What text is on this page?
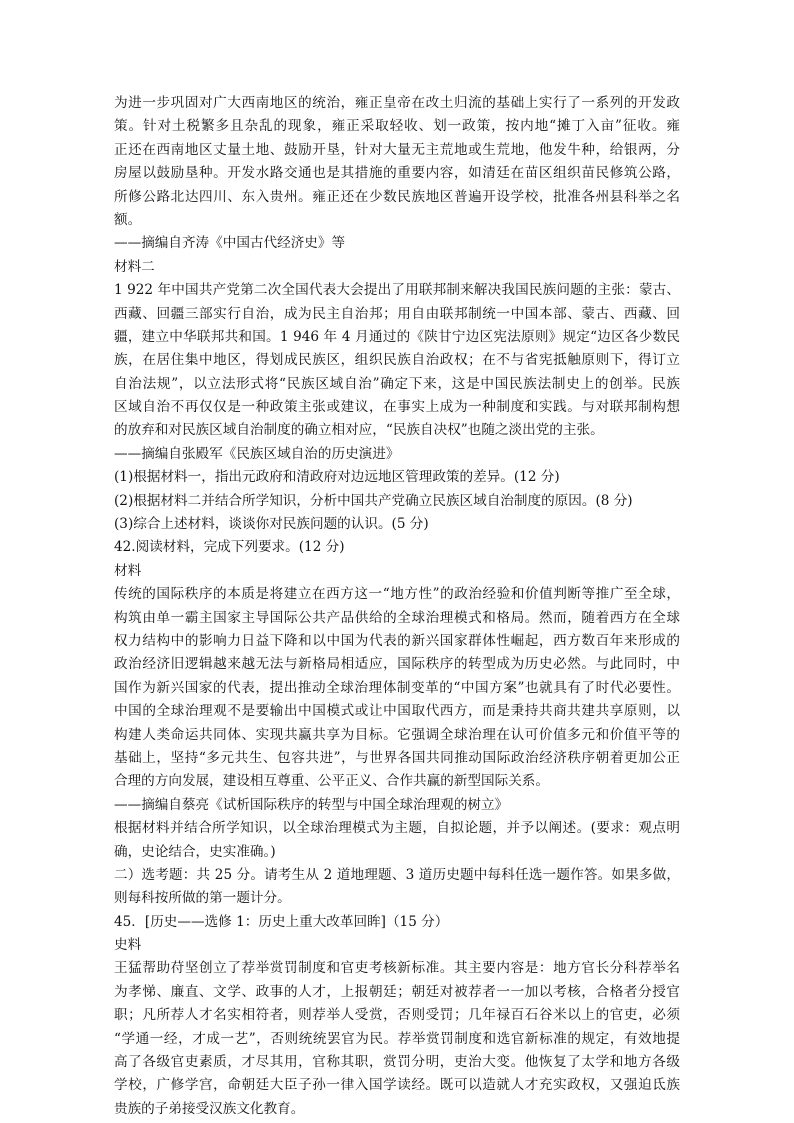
为进一步巩固对广大西南地区的统治，雍正皇帝在改土归流的基础上实行了一系列的开发政
策。针对土税繁多且杂乱的现象，雍正采取轻收、划一政策，按内地“摊丁入亩”征收。雍
正还在西南地区丈量土地、鼓励开垦，针对大量无主荒地或生荒地，他发牛种，给银两，分
房屋以鼓励垦种。开发水路交通也是其措施的重要内容，如清廷在苗区组织苗民修筑公路，
所修公路北达四川、东入贵州。雍正还在少数民族地区普遍开设学校，批准各州县科举之名
额。
——摘编自齐涛《中国古代经济史》等
材料二
1 922 年中国共产党第二次全国代表大会提出了用联邦制来解决我国民族问题的主张：蒙古、
西藏、回疆三部实行自治，成为民主自治邦；用自由联邦制统一中国本部、蒙古、西藏、回
疆，建立中华联邦共和国。1 946 年 4 月通过的《陕甘宁边区宪法原则》规定“边区各少数民
族，在居住集中地区，得划成民族区，组织民族自治政权；在不与省宪抵触原则下，得订立
自治法规”，以立法形式将“民族区域自治”确定下来，这是中国民族法制史上的创举。民族
区域自治不再仅仅是一种政策主张或建议，在事实上成为一种制度和实践。与对联邦制构想
的放弃和对民族区域自治制度的确立相对应，“民族自决权”也随之淡出党的主张。
——摘编自张殿军《民族区域自治的历史演进》
(1)根据材料一，指出元政府和清政府对边远地区管理政策的差异。(12 分)
(2)根据材料二并结合所学知识，分析中国共产党确立民族区域自治制度的原因。(8 分)
(3)综合上述材料，谈谈你对民族问题的认识。(5 分)
42.阅读材料，完成下列要求。(12 分)
材料
传统的国际秩序的本质是将建立在西方这一“地方性”的政治经验和价值判断等推广至全球，
构筑由单一霸主国家主导国际公共产品供给的全球治理模式和格局。然而，随着西方在全球
权力结构中的影响力日益下降和以中国为代表的新兴国家群体性崛起，西方数百年来形成的
政治经济旧逻辑越来越无法与新格局相适应，国际秩序的转型成为历史必然。与此同时，中
国作为新兴国家的代表，提出推动全球治理体制变革的“中国方案”也就具有了时代必要性。
中国的全球治理观不是要输出中国模式或让中国取代西方，而是秉持共商共建共享原则，以
构建人类命运共同体、实现共赢共享为目标。它强调全球治理在认可价值多元和价值平等的
基础上，坚持“多元共生、包容共进”，与世界各国共同推动国际政治经济秩序朝着更加公正
合理的方向发展，建设相互尊重、公平正义、合作共赢的新型国际关系。
——摘编自蔡亮《试析国际秩序的转型与中国全球治理观的树立》
根据材料并结合所学知识，以全球治理模式为主题，自拟论题，并予以阐述。(要求：观点明
确，史论结合，史实准确。)
二）选考题：共 25 分。请考生从 2 道地理题、3 道历史题中每科任选一题作答。如果多做，
则每科按所做的第一题计分。
45．[历史——选修 1：历史上重大改革回眸]（15 分）
史料
王猛帮助苻坚创立了荐举赏罚制度和官吏考核新标准。其主要内容是：地方官长分科荐举名
为孝悌、廉直、文学、政事的人才，上报朝廷；朝廷对被荐者一一加以考核，合格者分授官
职；凡所荐人才名实相符者，则荐举人受赏，否则受罚；几年禄百石谷米以上的官吏，必须
“学通一经，才成一艺”，否则统统罢官为民。荐举赏罚制度和选官新标准的规定，有效地提
高了各级官吏素质，才尽其用，官称其职，赏罚分明，吏治大变。他恢复了太学和地方各级
学校，广修学宫，命朝廷大臣子孙一律入国学读经。既可以造就人才充实政权，又强迫氐族
贵族的子弟接受汉族文化教育。
